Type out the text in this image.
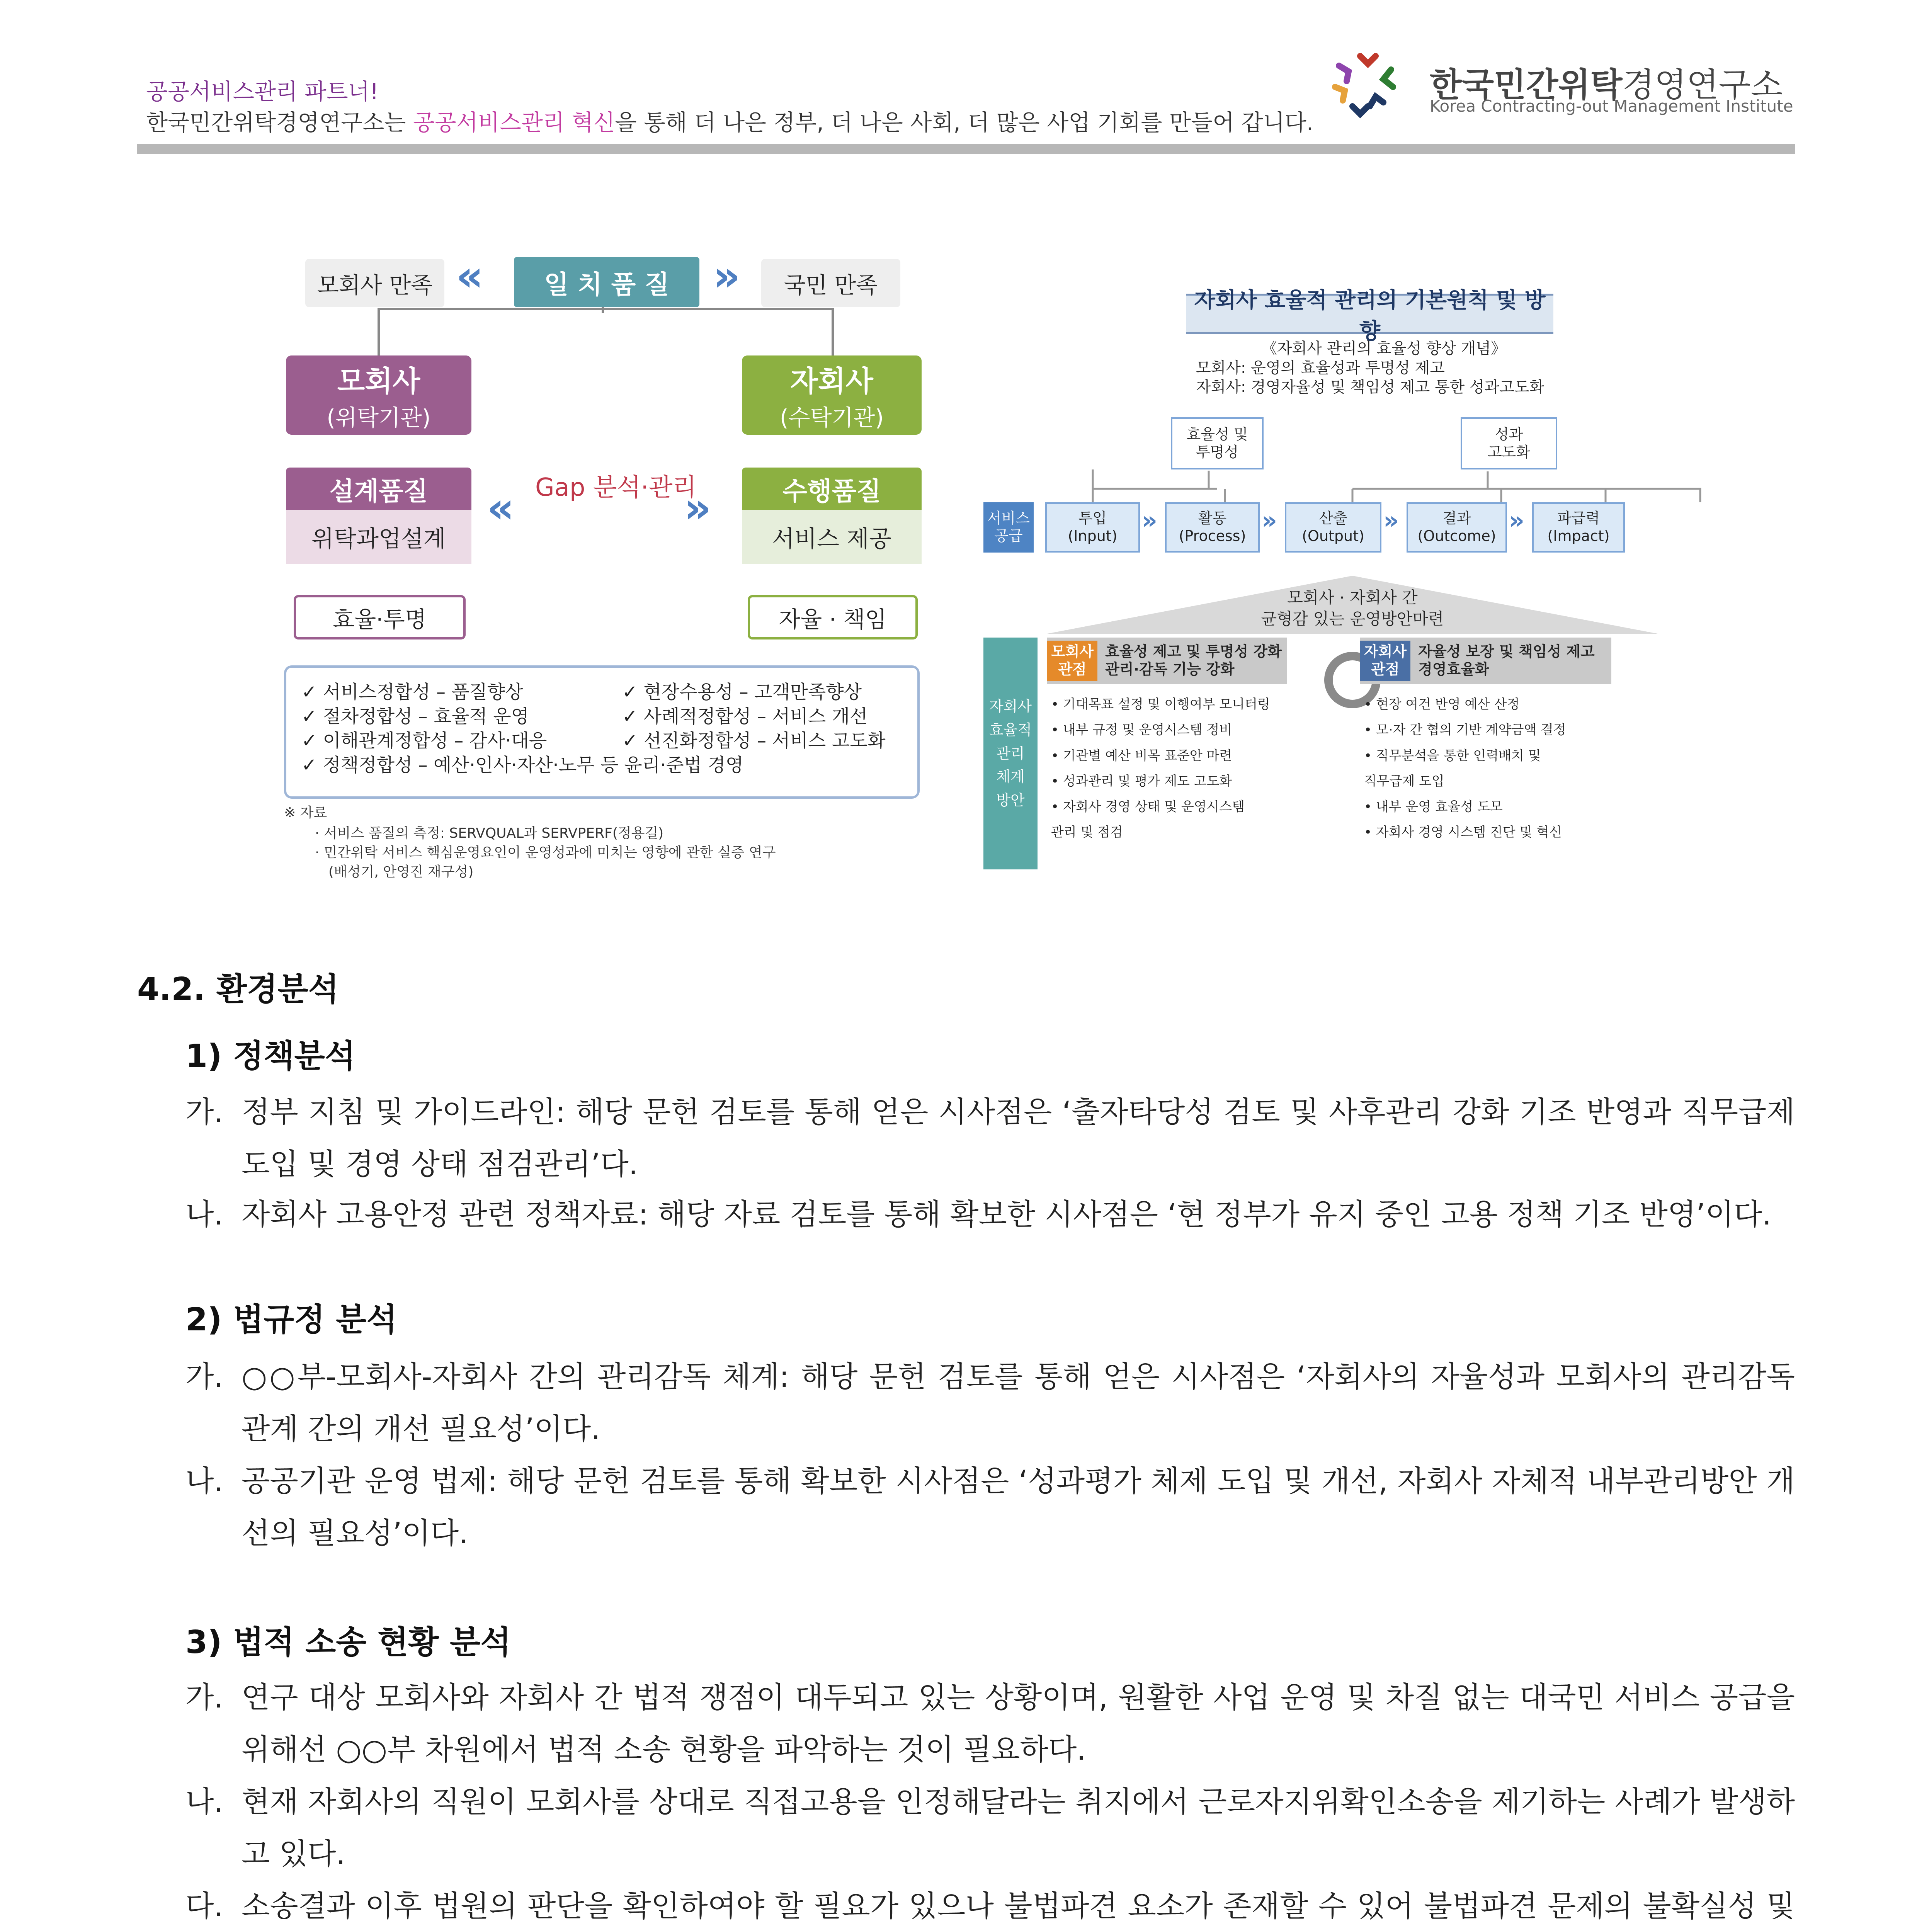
공공서비스관리 파트너!
한국민간위탁경영연구소는 공공서비스관리 혁신을 통해 더 나은 정부, 더 나은 사회, 더 많은 사업 기회를 만들어 갑니다.
한국민간위탁경영연구소
Korea Contracting-out Management Institute
모회사 만족 «	일 치 품 질	»	국민 만족
모회사
(위탁기관)
자회사
(수탁기관)
설계품질
위탁과업설계
수행품질
서비스 제공
Gap 분석·관리
«	»
효율·투명	자율 · 책임
✓ 서비스정합성 – 품질향상
✓ 절차정합성 – 효율적 운영
✓ 이해관계정합성 – 감사·대응
✓ 정책정합성 – 예산·인사·자산·노무 등 윤리·준법 경영
✓ 현장수용성 – 고객만족향상
✓ 사례적정합성 – 서비스 개선
✓ 선진화정합성 – 서비스 고도화
※ 자료
· 서비스 품질의 측정: SERVQUAL과 SERVPERF(정용길)
· 민간위탁 서비스 핵심운영요인이 운영성과에 미치는 영향에 관한 실증 연구
(배성기, 안영진 재구성)
자회사 효율적 관리의 기본원칙 및 방향
《자회사 관리의 효율성 향상 개념》
모회사: 운영의 효율성과 투명성 제고
자회사: 경영자율성 및 책임성 제고 통한 성과고도화
효율성 및
투명성
성과
고도화
서비스
공급
투입
(Input)
»	활동
(Process)
»	산출
(Output)
»	결과
(Outcome)
» 파급력
(Impact)
모회사 · 자회사 간
균형감 있는 운영방안마련
자회사
효율적
관리
체계
방안
모회사
관점
효율성 제고 및 투명성 강화
관리·감독 기능 강화
• 기대목표 설정 및 이행여부 모니터링
• 내부 규정 및 운영시스템 정비
• 기관별 예산 비목 표준안 마련
• 성과관리 및 평가 제도 고도화
• 자회사 경영 상태 및 운영시스템
관리 및 점검
자회사
관점
자율성 보장 및 책임성 제고
경영효율화
• 현장 여건 반영 예산 산정
• 모·자 간 협의 기반 계약금액 결정
• 직무분석을 통한 인력배치 및
직무급제 도입
• 내부 운영 효율성 도모
• 자회사 경영 시스템 진단 및 혁신
4.2. 환경분석
1) 정책분석
가. 정부 지침 및 가이드라인: 해당 문헌 검토를 통해 얻은 시사점은 ‘출자타당성 검토 및 사후관리 강화 기조 반영과 직무급제 도입 및 경영 상태 점검관리’다.
나. 자회사 고용안정 관련 정책자료: 해당 자료 검토를 통해 확보한 시사점은 ‘현 정부가 유지 중인 고용 정책 기조 반영’이다.
2) 법규정 분석
가. ○○부-모회사-자회사 간의 관리감독 체계: 해당 문헌 검토를 통해 얻은 시사점은 ‘자회사의 자율성과 모회사의 관리감독 관계 간의 개선 필요성’이다.
나. 공공기관 운영 법제: 해당 문헌 검토를 통해 확보한 시사점은 ‘성과평가 체제 도입 및 개선, 자회사 자체적 내부관리방안 개선의 필요성’이다.
3) 법적 소송 현황 분석
가. 연구 대상 모회사와 자회사 간 법적 쟁점이 대두되고 있는 상황이며, 원활한 사업 운영 및 차질 없는 대국민 서비스 공급을 위해선 ○○부 차원에서 법적 소송 현황을 파악하는 것이 필요하다.
나. 현재 자회사의 직원이 모회사를 상대로 직접고용을 인정해달라는 취지에서 근로자지위확인소송을 제기하는 사례가 발생하고 있다.
다. 소송결과 이후 법원의 판단을 확인하여야 할 필요가 있으나 불법파견 요소가 존재할 수 있어 불법파견 문제의 불확실성 및
